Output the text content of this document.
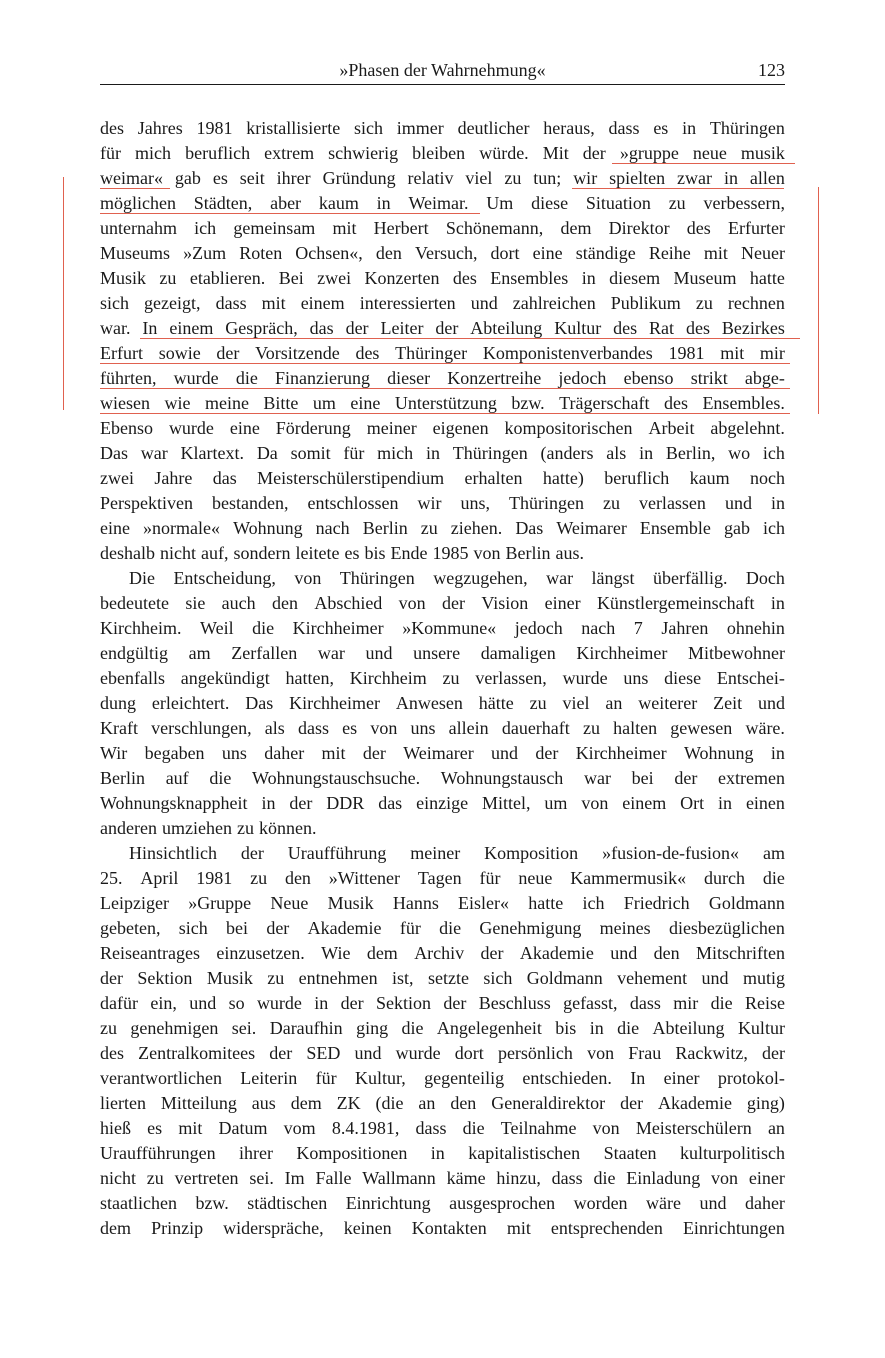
»Phasen der Wahrnehmung«	123
des Jahres 1981 kristallisierte sich immer deutlicher heraus, dass es in Thüringen
für mich beruflich extrem schwierig bleiben würde. Mit der »gruppe neue musik
weimar« gab es seit ihrer Gründung relativ viel zu tun; wir spielten zwar in allen
möglichen Städten, aber kaum in Weimar. Um diese Situation zu verbessern,
unternahm ich gemeinsam mit Herbert Schönemann, dem Direktor des Erfurter
Museums »Zum Roten Ochsen«, den Versuch, dort eine ständige Reihe mit Neuer
Musik zu etablieren. Bei zwei Konzerten des Ensembles in diesem Museum hatte
sich gezeigt, dass mit einem interessierten und zahlreichen Publikum zu rechnen
war. In einem Gespräch, das der Leiter der Abteilung Kultur des Rat des Bezirkes
Erfurt sowie der Vorsitzende des Thüringer Komponistenverbandes 1981 mit mir
führten, wurde die Finanzierung dieser Konzertreihe jedoch ebenso strikt abge-
wiesen wie meine Bitte um eine Unterstützung bzw. Trägerschaft des Ensembles.
Ebenso wurde eine Förderung meiner eigenen kompositorischen Arbeit abgelehnt.
Das war Klartext. Da somit für mich in Thüringen (anders als in Berlin, wo ich
zwei Jahre das Meisterschülerstipendium erhalten hatte) beruflich kaum noch
Perspektiven bestanden, entschlossen wir uns, Thüringen zu verlassen und in
eine »normale« Wohnung nach Berlin zu ziehen. Das Weimarer Ensemble gab ich
deshalb nicht auf, sondern leitete es bis Ende 1985 von Berlin aus.
Die Entscheidung, von Thüringen wegzugehen, war längst überfällig. Doch
bedeutete sie auch den Abschied von der Vision einer Künstlergemeinschaft in
Kirchheim. Weil die Kirchheimer »Kommune« jedoch nach 7 Jahren ohnehin
endgültig am Zerfallen war und unsere damaligen Kirchheimer Mitbewohner
ebenfalls angekündigt hatten, Kirchheim zu verlassen, wurde uns diese Entschei-
dung erleichtert. Das Kirchheimer Anwesen hätte zu viel an weiterer Zeit und
Kraft verschlungen, als dass es von uns allein dauerhaft zu halten gewesen wäre.
Wir begaben uns daher mit der Weimarer und der Kirchheimer Wohnung in
Berlin auf die Wohnungstauschsuche. Wohnungstausch war bei der extremen
Wohnungsknappheit in der DDR das einzige Mittel, um von einem Ort in einen
anderen umziehen zu können.
Hinsichtlich der Uraufführung meiner Komposition »fusion-de-fusion« am
25. April 1981 zu den »Wittener Tagen für neue Kammermusik« durch die
Leipziger »Gruppe Neue Musik Hanns Eisler« hatte ich Friedrich Goldmann
gebeten, sich bei der Akademie für die Genehmigung meines diesbezüglichen
Reiseantrages einzusetzen. Wie dem Archiv der Akademie und den Mitschriften
der Sektion Musik zu entnehmen ist, setzte sich Goldmann vehement und mutig
dafür ein, und so wurde in der Sektion der Beschluss gefasst, dass mir die Reise
zu genehmigen sei. Daraufhin ging die Angelegenheit bis in die Abteilung Kultur
des Zentralkomitees der SED und wurde dort persönlich von Frau Rackwitz, der
verantwortlichen Leiterin für Kultur, gegenteilig entschieden. In einer protokol-
lierten Mitteilung aus dem ZK (die an den Generaldirektor der Akademie ging)
hieß es mit Datum vom 8.4.1981, dass die Teilnahme von Meisterschülern an
Uraufführungen ihrer Kompositionen in kapitalistischen Staaten kulturpolitisch
nicht zu vertreten sei. Im Falle Wallmann käme hinzu, dass die Einladung von einer
staatlichen bzw. städtischen Einrichtung ausgesprochen worden wäre und daher
dem Prinzip widerspräche, keinen Kontakten mit entsprechenden Einrichtungen
